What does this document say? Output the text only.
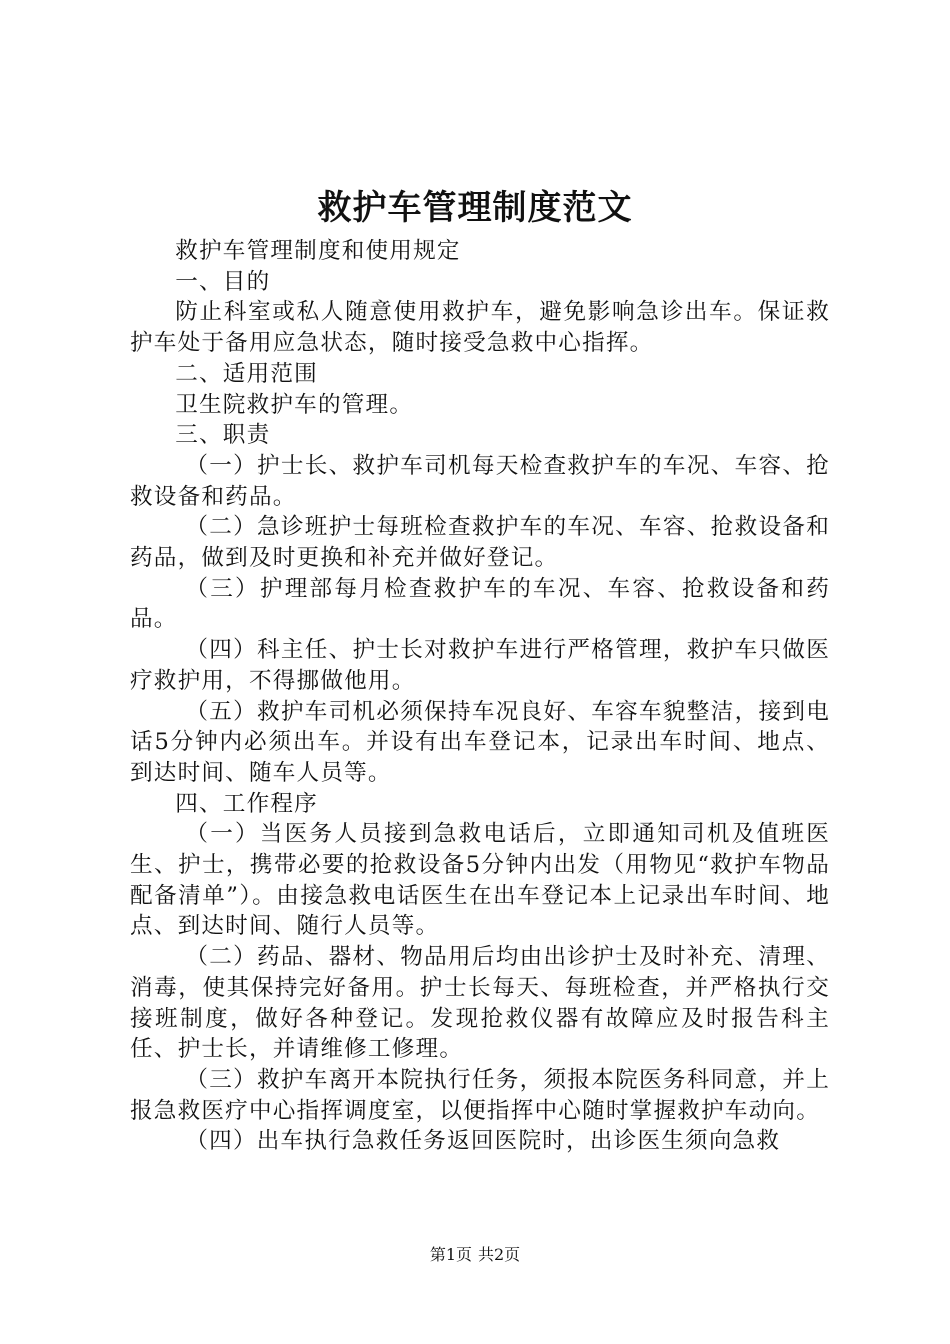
救护车管理制度范文

救护车管理制度和使用规定

一、目的

防止科室或私人随意使用救护车，避免影响急诊出车。保证救护车处于备用应急状态，随时接受急救中心指挥。

二、适用范围

卫生院救护车的管理。

三、职责

（一）护士长、救护车司机每天检查救护车的车况、车容、抢救设备和药品。

（二）急诊班护士每班检查救护车的车况、车容、抢救设备和药品，做到及时更换和补充并做好登记。

（三）护理部每月检查救护车的车况、车容、抢救设备和药品。

（四）科主任、护士长对救护车进行严格管理，救护车只做医疗救护用，不得挪做他用。

（五）救护车司机必须保持车况良好、车容车貌整洁，接到电话5分钟内必须出车。并设有出车登记本，记录出车时间、地点、到达时间、随车人员等。

四、工作程序

（一）当医务人员接到急救电话后，立即通知司机及值班医生、护士，携带必要的抢救设备5分钟内出发（用物见“救护车物品配备清单”）。由接急救电话医生在出车登记本上记录出车时间、地点、到达时间、随行人员等。

（二）药品、器材、物品用后均由出诊护士及时补充、清理、消毒，使其保持完好备用。护士长每天、每班检查，并严格执行交接班制度，做好各种登记。发现抢救仪器有故障应及时报告科主任、护士长，并请维修工修理。

（三）救护车离开本院执行任务，须报本院医务科同意，并上报急救医疗中心指挥调度室，以便指挥中心随时掌握救护车动向。

（四）出车执行急救任务返回医院时，出诊医生须向急救

第1页 共2页
